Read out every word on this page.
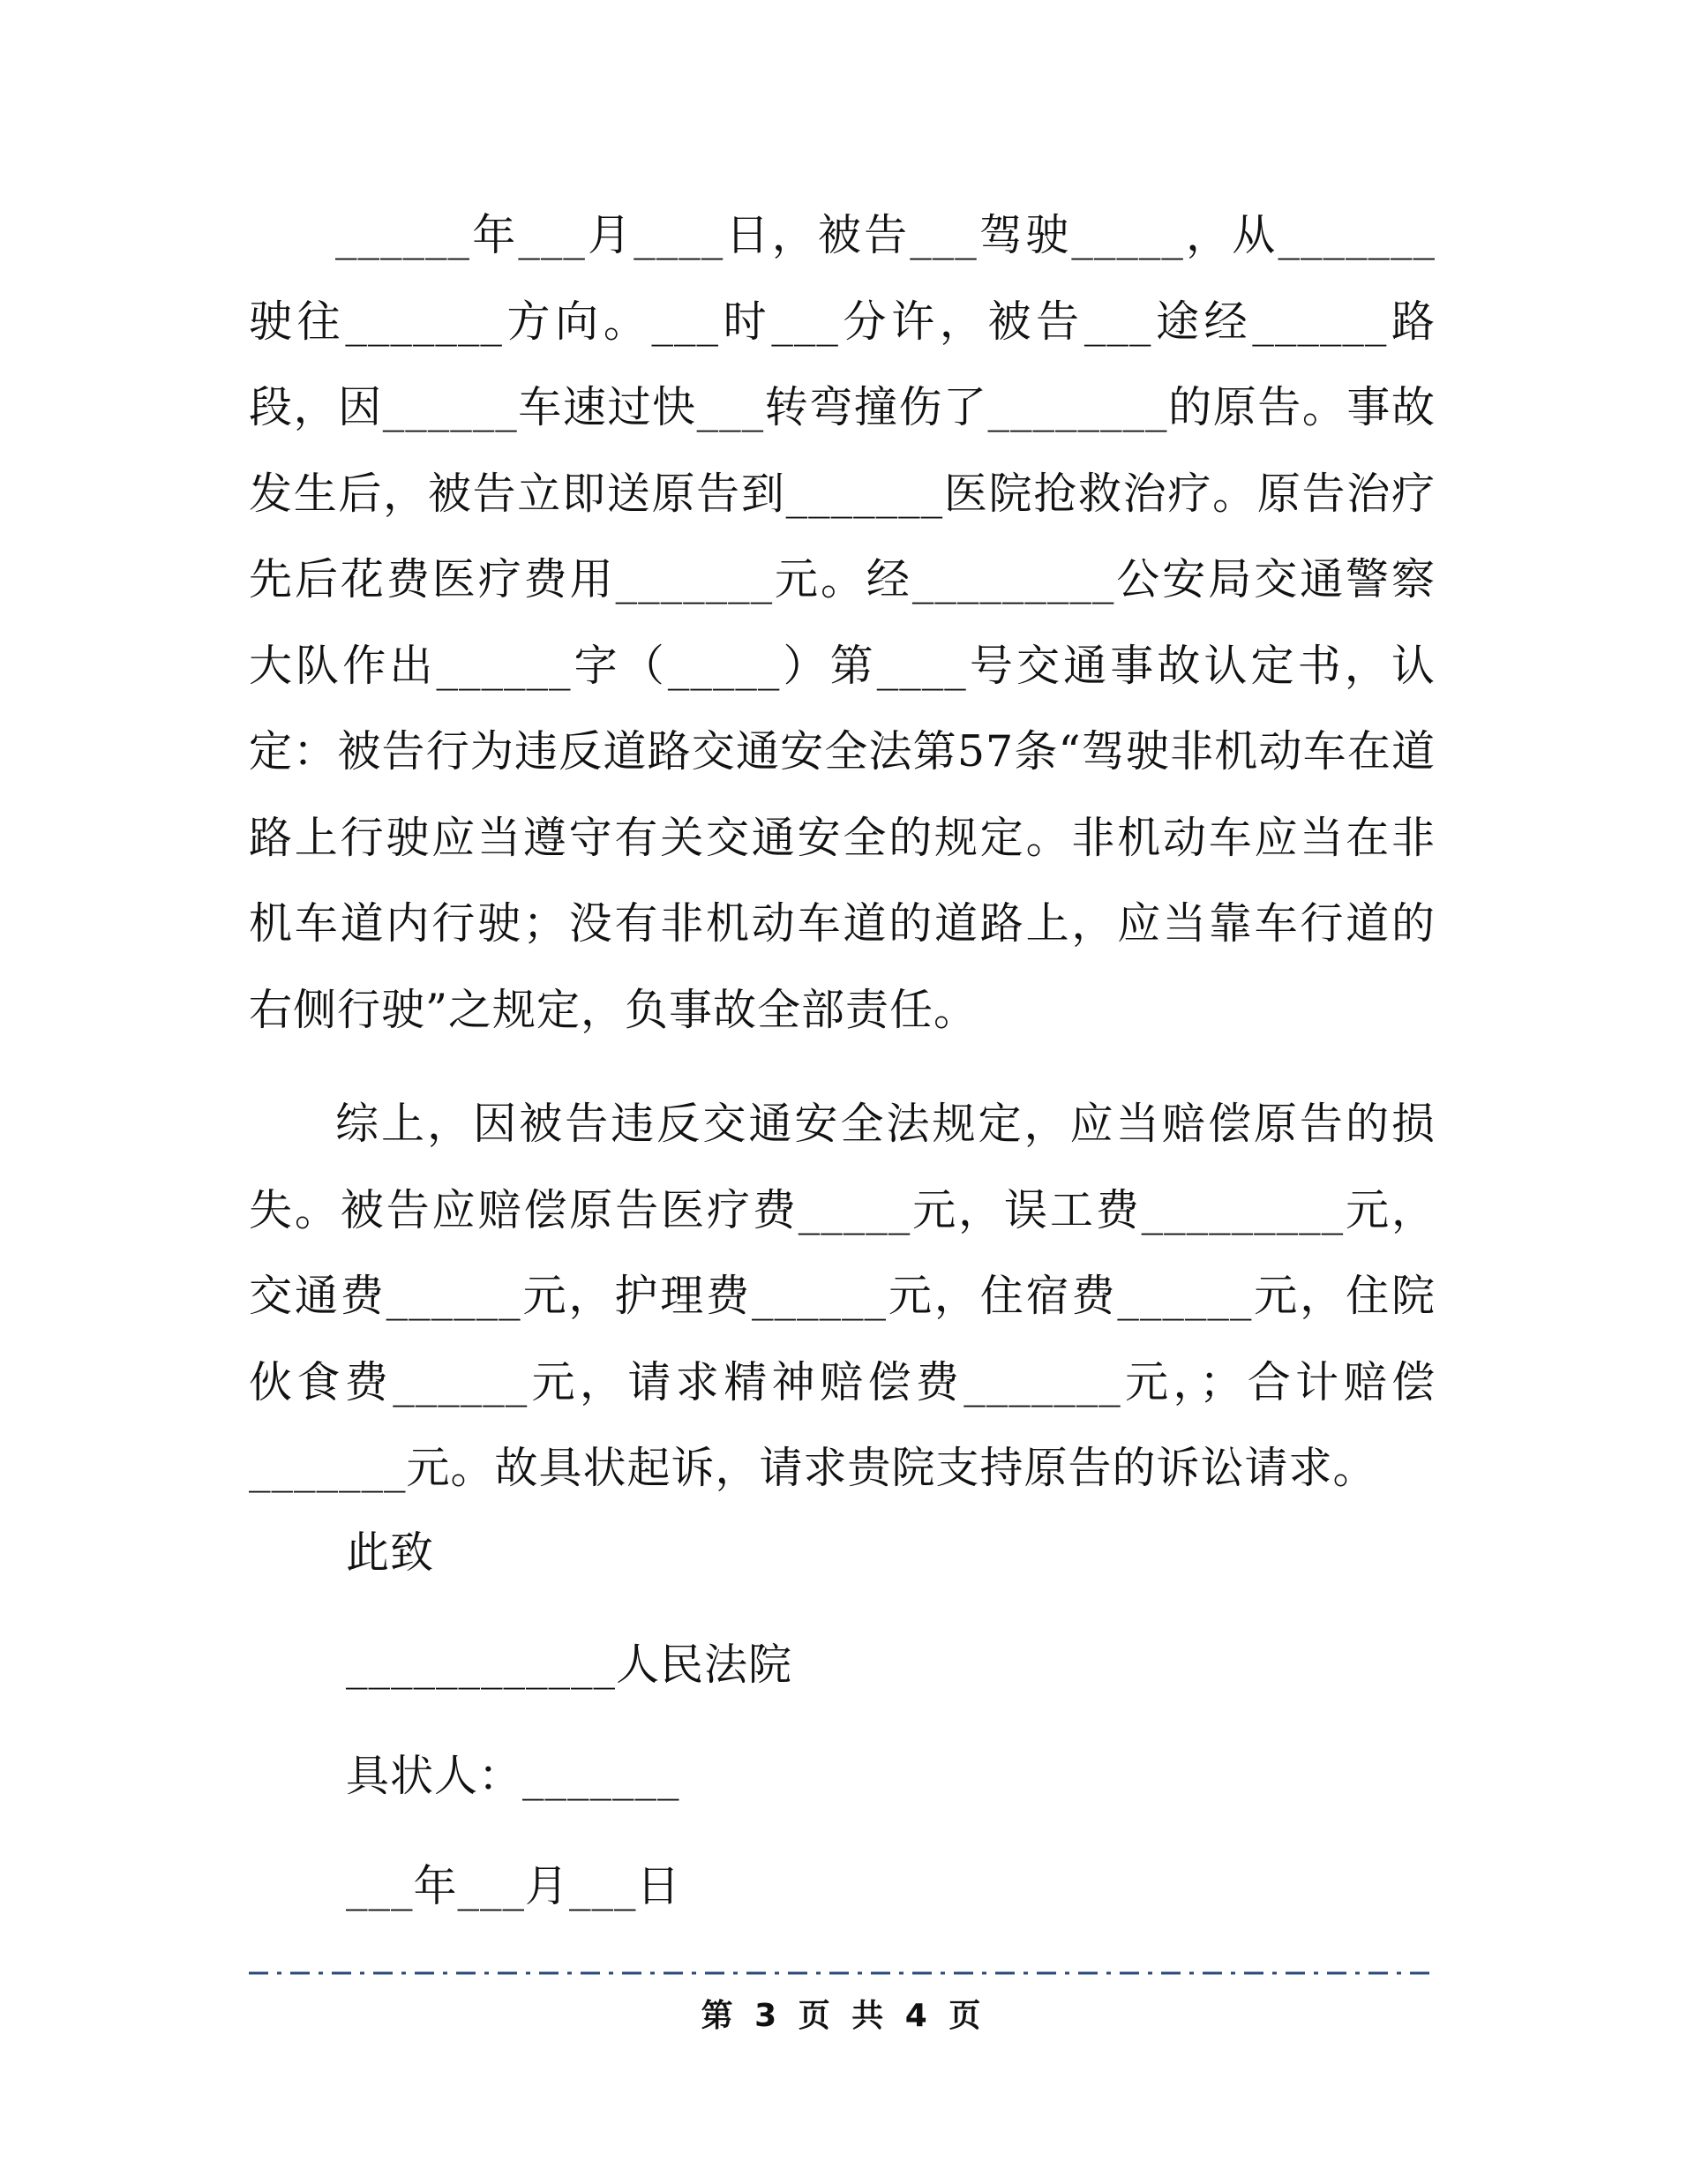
______年___月____日，被告___驾驶_____，从_______驶往_______方向。___时___分许，被告___途经______路段，因______车速过快___转弯撞伤了________的原告。事故发生后，被告立即送原告到_______医院抢救治疗。原告治疗先后花费医疗费用_______元。经_________公安局交通警察大队作出______字（_____）第____号交通事故认定书，认定：被告行为违反道路交通安全法第57条“驾驶非机动车在道路上行驶应当遵守有关交通安全的规定。非机动车应当在非机车道内行驶；没有非机动车道的道路上，应当靠车行道的右侧行驶”之规定，负事故全部责任。

综上，因被告违反交通安全法规定，应当赔偿原告的损失。被告应赔偿原告医疗费_____元，误工费_________元，交通费______元，护理费______元，住宿费______元，住院伙食费______元，请求精神赔偿费_______元，；合计赔偿_______元。故具状起诉，请求贵院支持原告的诉讼请求。

此致
____________人民法院
具状人：_______
___年___月___日
第 3 页 共 4 页
